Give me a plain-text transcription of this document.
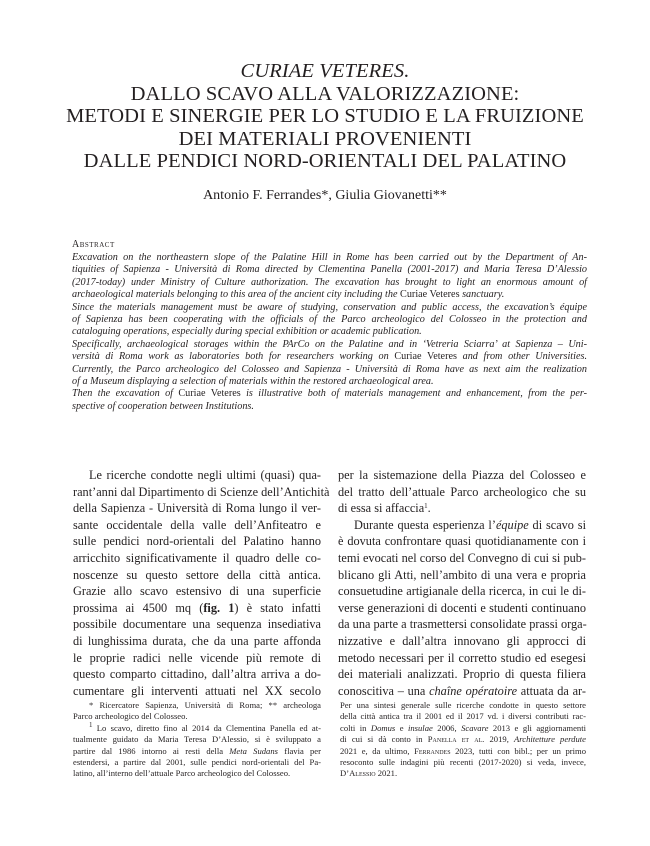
CURIAE VETERES.
DALLO SCAVO ALLA VALORIZZAZIONE:
METODI E SINERGIE PER LO STUDIO E LA FRUIZIONE
DEI MATERIALI PROVENIENTI
DALLE PENDICI NORD-ORIENTALI DEL PALATINO
Antonio F. Ferrandes*, Giulia Giovanetti**
Abstract
Excavation on the northeastern slope of the Palatine Hill in Rome has been carried out by the Department of An-
tiquities of Sapienza - Università di Roma directed by Clementina Panella (2001-2017) and Maria Teresa D’Alessio
(2017-today) under Ministry of Culture authorization. The excavation has brought to light an enormous amount of
archaeological materials belonging to this area of the ancient city including the Curiae Veteres sanctuary.
Since the materials management must be aware of studying, conservation and public access, the excavation’s équipe
of Sapienza has been cooperating with the officials of the Parco archeologico del Colosseo in the protection and
cataloguing operations, especially during special exhibition or academic publication.
Specifically, archaeological storages within the PArCo on the Palatine and in ‘Vetreria Sciarra’ at Sapienza – Uni-
versità di Roma work as laboratories both for researchers working on Curiae Veteres and from other Universities.
Currently, the Parco archeologico del Colosseo and Sapienza - Università di Roma have as next aim the realization
of a Museum displaying a selection of materials within the restored archaeological area.
Then the excavation of Curiae Veteres is illustrative both of materials management and enhancement, from the per-
spective of cooperation between Institutions.
Le ricerche condotte negli ultimi (quasi) qua-
rant’anni dal Dipartimento di Scienze dell’Antichità
della Sapienza - Università di Roma lungo il ver-
sante occidentale della valle dell’Anfiteatro e
sulle pendici nord-orientali del Palatino hanno
arricchito significativamente il quadro delle co-
noscenze su questo settore della città antica.
Grazie allo scavo estensivo di una superficie
prossima ai 4500 mq (fig. 1) è stato infatti
possibile documentare una sequenza insediativa
di lunghissima durata, che da una parte affonda
le proprie radici nelle vicende più remote di
questo comparto cittadino, dall’altra arriva a do-
cumentare gli interventi attuati nel XX secolo
per la sistemazione della Piazza del Colosseo e
del tratto dell’attuale Parco archeologico che su
di essa si affaccia$^1$.
Durante questa esperienza l’équipe di scavo si
è dovuta confrontare quasi quotidianamente con i
temi evocati nel corso del Convegno di cui si pub-
blicano gli Atti, nell’ambito di una vera e propria
consuetudine artigianale della ricerca, in cui le di-
verse generazioni di docenti e studenti continuano
da una parte a trasmettersi consolidate prassi orga-
nizzative e dall’altra innovano gli approcci di
metodo necessari per il corretto studio ed esegesi
dei materiali analizzati. Proprio di questa filiera
conoscitiva – una chaîne opératoire attuata da ar-
* Ricercatore Sapienza, Università di Roma; ** archeologa
Parco archeologico del Colosseo.
$^1$ Lo scavo, diretto fino al 2014 da Clementina Panella ed at-
tualmente guidato da Maria Teresa D’Alessio, si è sviluppato a
partire dal 1986 intorno ai resti della Meta Sudans flavia per
estendersi, a partire dal 2001, sulle pendici nord-orientali del Pa-
latino, all’interno dell’attuale Parco archeologico del Colosseo.
Per una sintesi generale sulle ricerche condotte in questo settore
della città antica tra il 2001 ed il 2017 vd. i diversi contributi rac-
colti in Domus e insulae 2006, Scavare 2013 e gli aggiornamenti
di cui si dà conto in Panella et al. 2019, Architetture perdute
2021 e, da ultimo, Ferrandes 2023, tutti con bibl.; per un primo
resoconto sulle indagini più recenti (2017-2020) si veda, invece,
D’Alessio 2021.
